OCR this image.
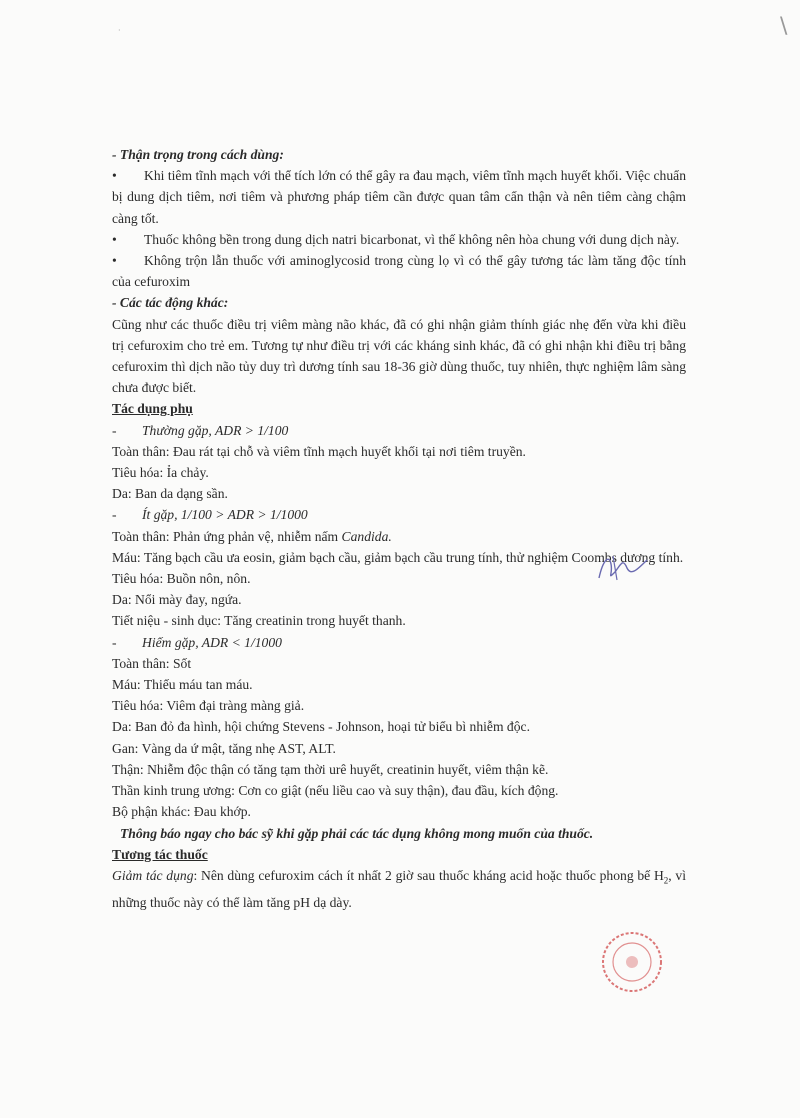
\
·
- Thận trọng trong cách dùng:
•	Khi tiêm tĩnh mạch với thể tích lớn có thể gây ra đau mạch, viêm tĩnh mạch huyết khối. Việc chuẩn bị dung dịch tiêm, nơi tiêm và phương pháp tiêm cần được quan tâm cẩn thận và nên tiêm càng chậm càng tốt.
•	Thuốc không bền trong dung dịch natri bicarbonat, vì thế không nên hòa chung với dung dịch này.
•	Không trộn lẫn thuốc với aminoglycosid trong cùng lọ vì có thể gây tương tác làm tăng độc tính của cefuroxim
- Các tác động khác:
Cũng như các thuốc điều trị viêm màng não khác, đã có ghi nhận giảm thính giác nhẹ đến vừa khi điều trị cefuroxim cho trẻ em. Tương tự như điều trị với các kháng sinh khác, đã có ghi nhận khi điều trị bằng cefuroxim thì dịch não tủy duy trì dương tính sau 18-36 giờ dùng thuốc, tuy nhiên, thực nghiệm lâm sàng chưa được biết.
Tác dụng phụ
-	Thường gặp, ADR > 1/100
Toàn thân: Đau rát tại chỗ và viêm tĩnh mạch huyết khối tại nơi tiêm truyền.
Tiêu hóa: Ỉa chảy.
Da: Ban da dạng sần.
-	Ít gặp, 1/100 > ADR > 1/1000
Toàn thân: Phản ứng phản vệ, nhiễm nấm Candida.
Máu: Tăng bạch cầu ưa eosin, giảm bạch cầu, giảm bạch cầu trung tính, thử nghiệm Coombs dương tính.
Tiêu hóa: Buồn nôn, nôn.
Da: Nổi mày đay, ngứa.
Tiết niệu - sinh dục: Tăng creatinin trong huyết thanh.
-	Hiếm gặp, ADR < 1/1000
Toàn thân: Sốt
Máu: Thiếu máu tan máu.
Tiêu hóa: Viêm đại tràng màng giả.
Da: Ban đỏ đa hình, hội chứng Stevens - Johnson, hoại tử biểu bì nhiễm độc.
Gan: Vàng da ứ mật, tăng nhẹ AST, ALT.
Thận: Nhiễm độc thận có tăng tạm thời urê huyết, creatinin huyết, viêm thận kẽ.
Thần kinh trung ương: Cơn co giật (nếu liều cao và suy thận), đau đầu, kích động.
Bộ phận khác: Đau khớp.
Thông báo ngay cho bác sỹ khi gặp phải các tác dụng không mong muốn của thuốc.
Tương tác thuốc
Giảm tác dụng: Nên dùng cefuroxim cách ít nhất 2 giờ sau thuốc kháng acid hoặc thuốc phong bế $H_2$, vì những thuốc này có thể làm tăng pH dạ dày.
